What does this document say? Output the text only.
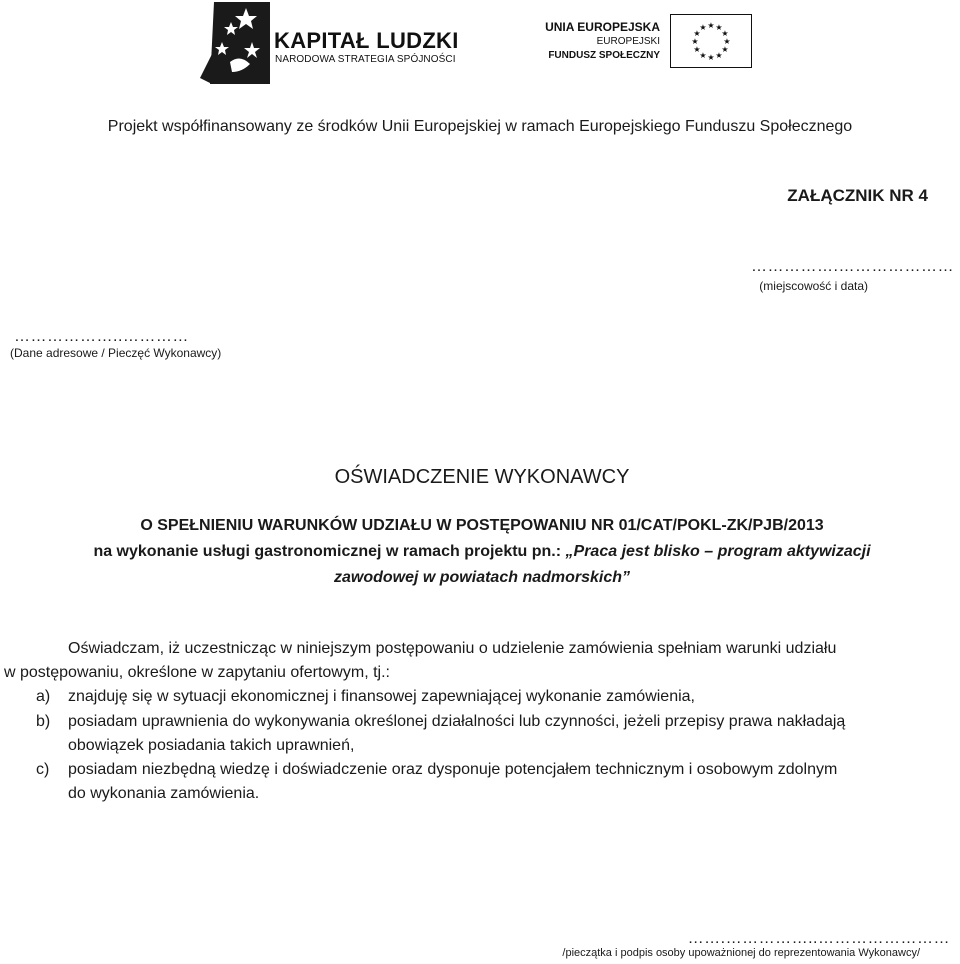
KAPITAŁ LUDZKI
NARODOWA STRATEGIA SPÓJNOŚCI
UNIA EUROPEJSKA
EUROPEJSKI
FUNDUSZ SPOŁECZNY
★ ★
★
★
★
★
★
★
★
★
★
★
Projekt współfinansowany ze środków Unii Europejskiej w ramach Europejskiego Funduszu Społecznego
ZAŁĄCZNIK NR 4
…………….…………………
(miejscowość i data)
………………..…………
(Dane adresowe / Pieczęć Wykonawcy)
OŚWIADCZENIE WYKONAWCY
O SPEŁNIENIU WARUNKÓW UDZIAŁU W POSTĘPOWANIU NR 01/CAT/POKL-ZK/PJB/2013
na wykonanie usługi gastronomicznej w ramach projektu pn.: „Praca jest blisko – program aktywizacji
zawodowej w powiatach nadmorskich”
Oświadczam, iż uczestnicząc w niniejszym postępowaniu o udzielenie zamówienia spełniam warunki udziału
w postępowaniu, określone w zapytaniu ofertowym, tj.:
a) znajduję się w sytuacji ekonomicznej i finansowej zapewniającej wykonanie zamówienia,
b) posiadam uprawnienia do wykonywania określonej działalności lub czynności, jeżeli przepisy prawa nakładają
obowiązek posiadania takich uprawnień,
c) posiadam niezbędną wiedzę i doświadczenie oraz dysponuje potencjałem technicznym i osobowym zdolnym
do wykonania zamówienia.
…….……………..……………………
/pieczątka i podpis osoby upoważnionej do reprezentowania Wykonawcy/
